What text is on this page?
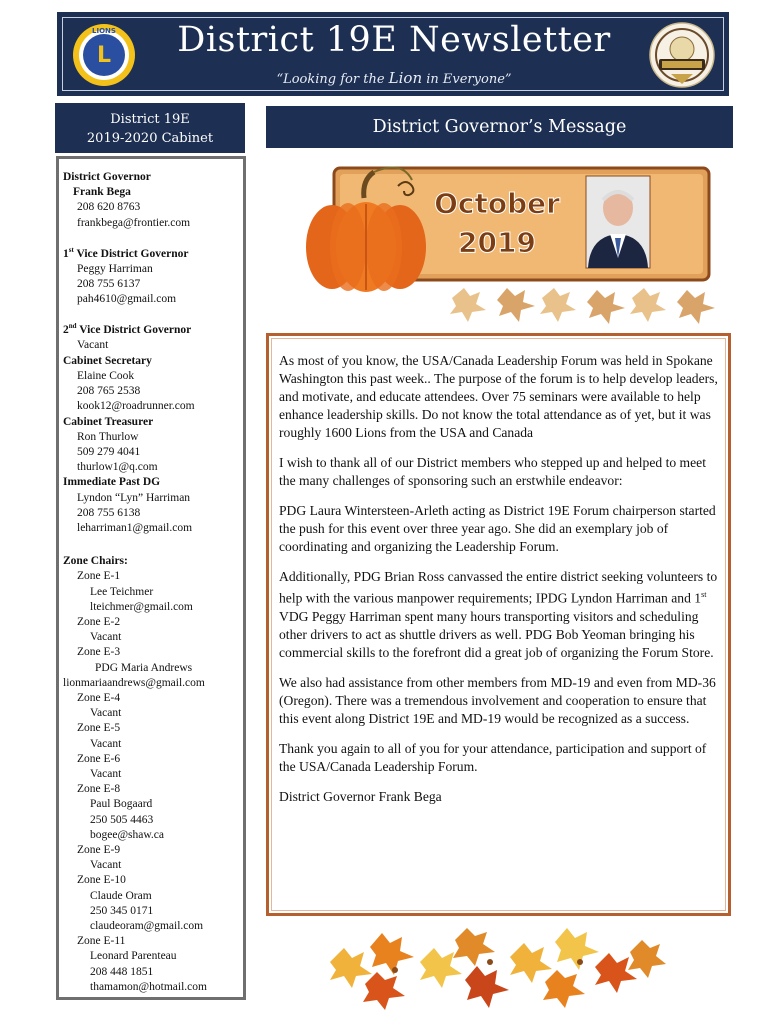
L
LIONS	District 19E Newsletter
“Looking for the Lion in Everyone”
District 19E
2019-2020 Cabinet
District Governor
Frank Bega
208 620 8763
frankbega@frontier.com
1st Vice District Governor
Peggy Harriman
208 755 6137
pah4610@gmail.com
2nd Vice District Governor
Vacant
Cabinet Secretary
Elaine Cook
208 765 2538
kook12@roadrunner.com
Cabinet Treasurer
Ron Thurlow
509 279 4041
thurlow1@q.com
Immediate Past DG
Lyndon “Lyn” Harriman
208 755 6138
leharriman1@gmail.com
Zone Chairs:
Zone E-1
Lee Teichmer
lteichmer@gmail.com
Zone E-2
Vacant
Zone E-3
PDG Maria Andrews
lionmariaandrews@gmail.com
Zone E-4
Vacant
Zone E-5
Vacant
Zone E-6
Vacant
Zone E-8
Paul Bogaard
250 505 4463
bogee@shaw.ca
Zone E-9
Vacant
Zone E-10
Claude Oram
250 345 0171
claudeoram@gmail.com
Zone E-11
Leonard Parenteau
208 448 1851
thamamon@hotmail.com
District Governor’s Message
October
2019

As most of you know, the USA/Canada Leadership Forum was held in Spokane Washington this past week.. The purpose of the forum is to help develop leaders, and motivate, and educate attendees. Over 75 seminars were available to help enhance leadership skills. Do not know the total attendance as of yet, but it was roughly 1600 Lions from the USA and Canada

I wish to thank all of our District members who stepped up and helped to meet the many challenges of sponsoring such an erstwhile endeavor:

PDG Laura Wintersteen-Arleth acting as District 19E Forum chairperson started the push for this event over three year ago. She did an exemplary job of coordinating and organizing the Leadership Forum.

Additionally, PDG Brian Ross canvassed the entire district seeking volunteers to help with the various manpower requirements; IPDG Lyndon Harriman and 1st VDG Peggy Harriman spent many hours transporting visitors and scheduling other drivers to act as shuttle drivers as well. PDG Bob Yeoman bringing his commercial skills to the forefront did a great job of organizing the Forum Store.

We also had assistance from other members from MD-19 and even from MD-36 (Oregon). There was a tremendous involvement and cooperation to ensure that this event along District 19E and MD-19 would be recognized as a success.

Thank you again to all of you for your attendance, participation and support of the USA/Canada Leadership Forum.

District Governor Frank Bega
